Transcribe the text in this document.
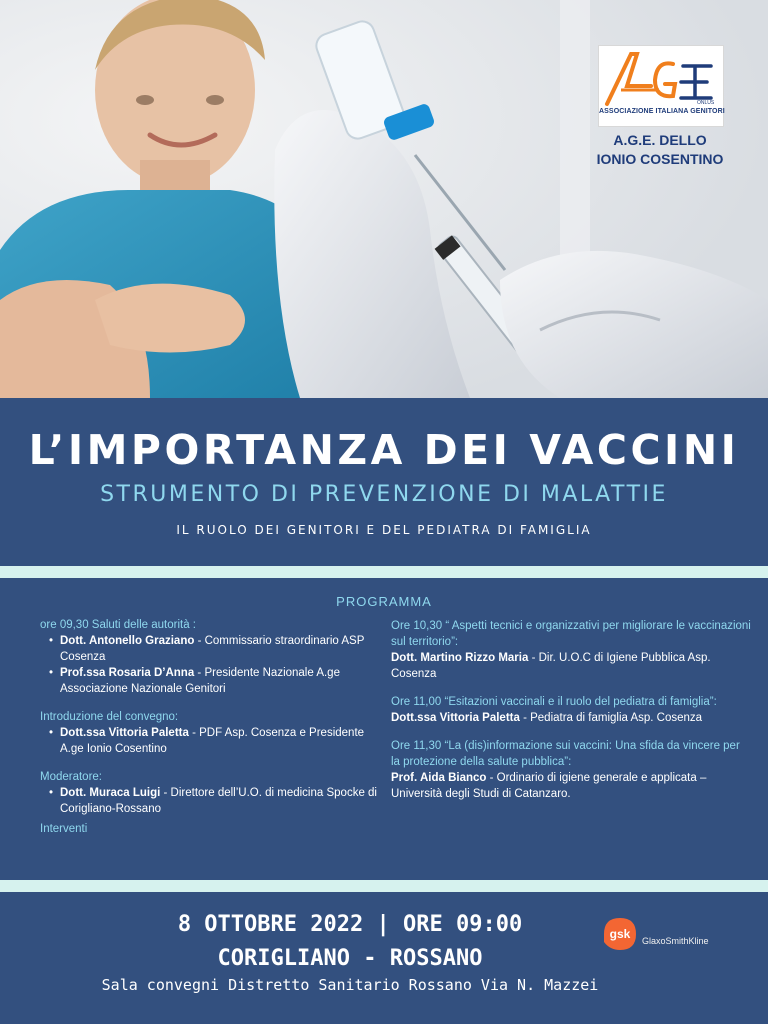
ONLUS
ASSOCIAZIONE ITALIANA GENITORI
A.G.E. DELLO
IONIO COSENTINO
L’IMPORTANZA DEI VACCINI
STRUMENTO DI PREVENZIONE DI MALATTIE
IL RUOLO DEI GENITORI E DEL PEDIATRA DI FAMIGLIA
PROGRAMMA
ore 09,30 Saluti delle autorità :
• Dott. Antonello Graziano - Commissario straordinario ASP Cosenza
• Prof.ssa Rosaria D’Anna - Presidente Nazionale A.ge Associazione Nazionale Genitori
Introduzione del convegno:
• Dott.ssa Vittoria Paletta - PDF Asp. Cosenza e Presidente A.ge Ionio Cosentino
Moderatore:
• Dott. Muraca Luigi - Direttore dell’U.O. di medicina Spocke di Corigliano-Rossano
Interventi
Ore 10,30 “ Aspetti tecnici e organizzativi per migliorare le vaccinazioni sul territorio”:
Dott. Martino Rizzo Maria - Dir. U.O.C di Igiene Pubblica Asp. Cosenza
Ore 11,00 “Esitazioni vaccinali e il ruolo del pediatra di famiglia”:
Dott.ssa Vittoria Paletta - Pediatra di famiglia Asp. Cosenza
Ore 11,30 “La (dis)informazione sui vaccini: Una sfida da vincere per la protezione della salute pubblica”:
Prof. Aida Bianco - Ordinario di igiene generale e applicata – Università degli Studi di Catanzaro.
8 OTTOBRE 2022 | ORE 09:00
CORIGLIANO - ROSSANO
Sala convegni Distretto Sanitario Rossano Via N. Mazzei
gsk GlaxoSmithKline
